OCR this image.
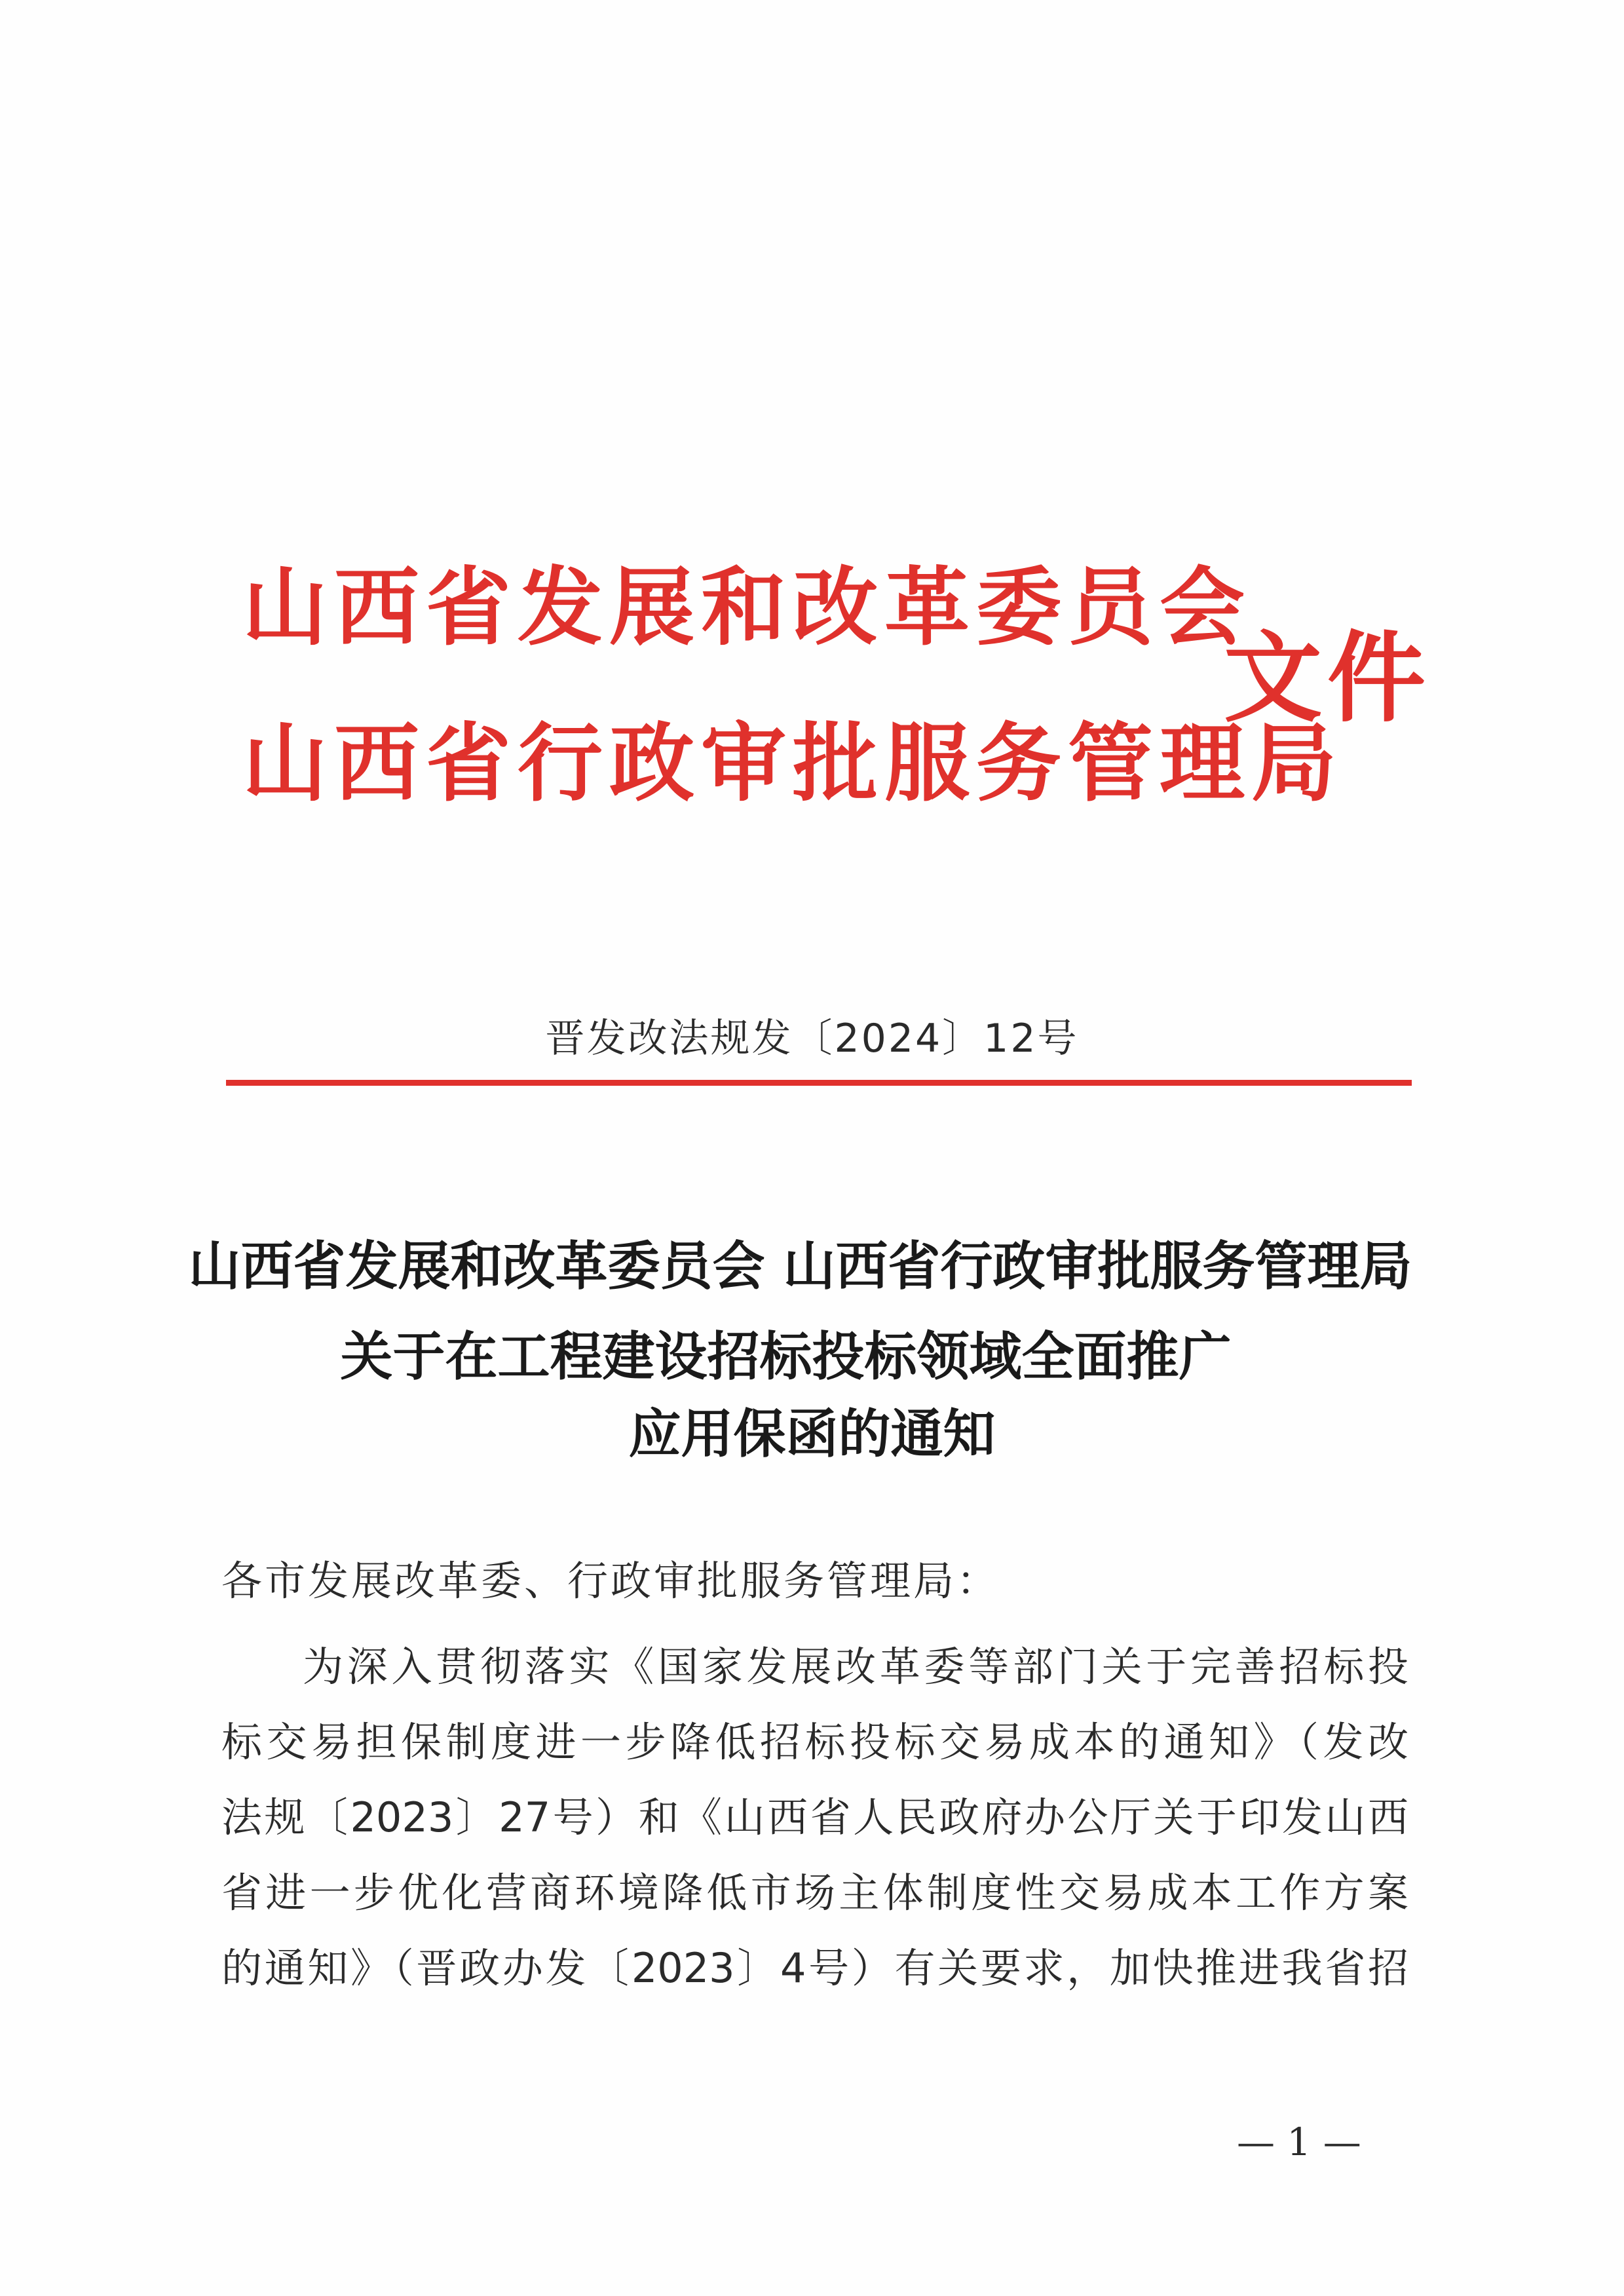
山西省发展和改革委员会
山西省行政审批服务管理局
文件
晋发改法规发〔2024〕12号
山西省发展和改革委员会 山西省行政审批服务管理局
关于在工程建设招标投标领域全面推广
应用保函的通知
各市发展改革委、行政审批服务管理局：
为深入贯彻落实《国家发展改革委等部门关于完善招标投
标交易担保制度进一步降低招标投标交易成本的通知》（发改
法规〔2023〕27号）和《山西省人民政府办公厅关于印发山西
省进一步优化营商环境降低市场主体制度性交易成本工作方案
的通知》（晋政办发〔2023〕4号）有关要求，加快推进我省招
— 1 —
